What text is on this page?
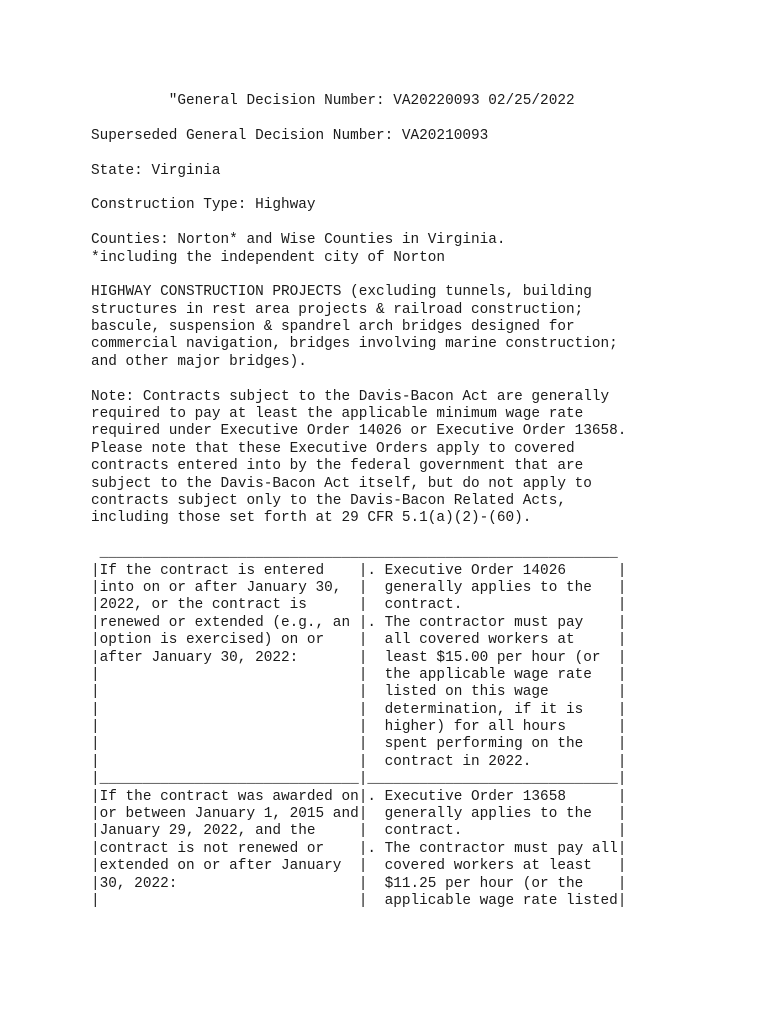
"General Decision Number: VA20220093 02/25/2022

Superseded General Decision Number: VA20210093

State: Virginia

Construction Type: Highway

Counties: Norton* and Wise Counties in Virginia.
*including the independent city of Norton

HIGHWAY CONSTRUCTION PROJECTS (excluding tunnels, building
structures in rest area projects & railroad construction;
bascule, suspension & spandrel arch bridges designed for
commercial navigation, bridges involving marine construction;
and other major bridges).

Note: Contracts subject to the Davis-Bacon Act are generally
required to pay at least the applicable minimum wage rate
required under Executive Order 14026 or Executive Order 13658.
Please note that these Executive Orders apply to covered
contracts entered into by the federal government that are
subject to the Davis-Bacon Act itself, but do not apply to
contracts subject only to the Davis-Bacon Related Acts,
including those set forth at 29 CFR 5.1(a)(2)-(60).

____________________________________________________________
|If the contract is entered    |. Executive Order 14026      |
|into on or after January 30,  |  generally applies to the   |
|2022, or the contract is      |  contract.                  |
|renewed or extended (e.g., an |. The contractor must pay    |
|option is exercised) on or    |  all covered workers at     |
|after January 30, 2022:       |  least $15.00 per hour (or  |
|                              |  the applicable wage rate   |
|                              |  listed on this wage        |
|                              |  determination, if it is    |
|                              |  higher) for all hours      |
|                              |  spent performing on the    |
|                              |  contract in 2022.          |
|______________________________|_____________________________|
|If the contract was awarded on|. Executive Order 13658      |
|or between January 1, 2015 and|  generally applies to the   |
|January 29, 2022, and the     |  contract.                  |
|contract is not renewed or    |. The contractor must pay all|
|extended on or after January  |  covered workers at least   |
|30, 2022:                     |  $11.25 per hour (or the    |
|                              |  applicable wage rate listed|
